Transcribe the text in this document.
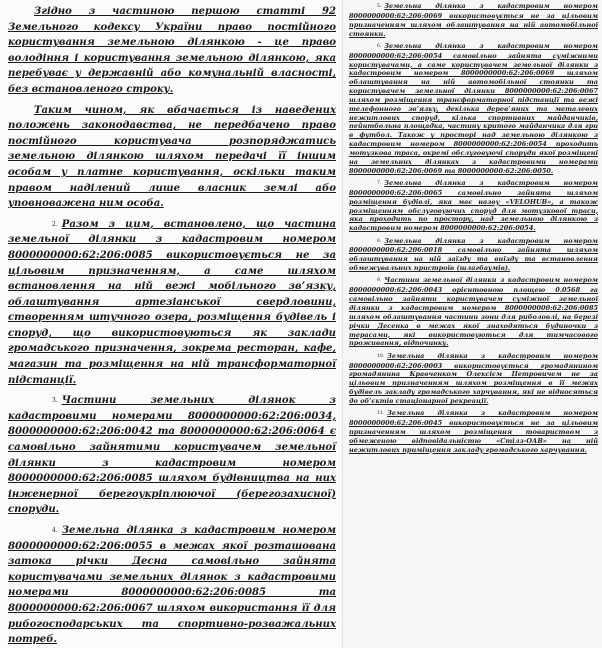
Згідно з частиною першою статті 92 Земельного кодексу України право постійного користування земельною ділянкою - це право володіння і користування земельною ділянкою, яка перебуває у державній або комунальній власності, без встановленого строку.

Таким чином, як вбачається із наведених положень законодавства, не передбачено право постійного користувача розпоряджатись земельною ділянкою шляхом передачі її іншим особам у платне користування, оскільки таким правом наділений лише власник землі або уповноважена ним особа.

2. Разом з цим, встановлено, що частина земельної ділянки з кадастровим номером 8000000000:62:206:0085 використовується не за цільовим призначенням, а саме шляхом встановлення на ній вежі мобільного зв’язку, облаштування артезіанської свердловини, створенням штучного озера, розміщення будівель і споруд, що використовуються як заклади громадського призначення, зокрема ресторан, кафе, магазин та розміщення на ній трансформаторної підстанції.

3. Частини земельних ділянок з кадастровими номерами 8000000000:62:206:0034, 8000000000:62:206:0042 та 8000000000:62:206:0064 є самовільно зайнятими користувачем земельної ділянки з кадастровим номером 8000000000:62:206:0085 шляхом будівництва на них інженерної берегоукріплюючої (берегозахисної) споруди.

4. Земельна ділянка з кадастровим номером 8000000000:62:206:0055 в межах якої розташована затока річки Десна самовільно зайнята користувачами земельних ділянок з кадастровими номерами 8000000000:62:206:0085 та 8000000000:62:206:0067 шляхом використання її для рибогосподарських та спортивно-розважальних потреб.

5. Земельна ділянка з кадастровим номером 8000000000:62:206:0069 використовується не за цільовим призначенням шляхом облаштування на ній автомобільної стоянки.

6. Земельна ділянка з кадастровим номером 8000000000:62:206:0054 самовільно зайнята суміжними користувачами, а саме користувачем земельної ділянки з кадастровим номером 8000000000:62:206:0069 шляхом облаштування на ній автомобільної стоянки та користувачем земельної ділянки 8000000000:62:206:0067 шляхом розміщення трансформаторної підстанції та вежі телефонного зв’язку, декілька дерев’яних та металевих нежитлових споруд, кілька спортивних майданчиків, пейнтбольна площадка, частину критого майданчика для гри в футбол. Також у просторі над земельною ділянкою з кадастровим номером 8000000000:62:206:0054 проходить мотузкова траса, окремі обслуговуючі споруди якої розміщені на земельних ділянках з кадастровими номерами 8000000000:62:206:0069 та 8000000000:62:206:0050.

7. Земельна ділянка з кадастровим номером 8000000000:62:206:0065 самовільно зайнята шляхом розміщення будівлі, яка має назву «VELOHUB», а також розміщенням обслуговуючих споруд для мотузкової траси, яка проходить по простору, над земельною ділянкою з кадастровим номером 8000000000:62:206:0054.

8. Земельна ділянка з кадастровим номером 8000000000:62:206:0018 самовільно зайнята шляхом облаштування на ній заїзду та виїзду та встановлення обмежувальних пристроїв (шлагбаумів).

9. Частини земельної ділянки з кадастровим номером 8000000000:62:206:0043 орієнтовною площею 0.0568 га самовільно зайняти користувачем суміжної земельної ділянки з кадастровим номером 8000000000:62:206:0085 шляхом облаштування частини зони для риболовлі, на березі річки Десенка в межах якої знаходяться будиночки з терасами, які використовуються для тимчасового проживання, відпочинку.

10. Земельна ділянка з кадастровим номером 8000000000:62:206:0003 використовується громадянином громадянина Кравченком Олексієм Петровичем не за цільовим призначенням шляхом розміщення в її межах будівель закладу громадського харчування, які не відносяться до об’єктів стаціонарної рекреації.

11. Земельна ділянка з кадастровим номером 8000000000:62:206:0045 використовується не за цільовим призначенням шляхом розміщення товариством з обмеженою відповідальністю «Стілз-ОАВ» на ній нежитлових приміщення закладу громадського харчування.
